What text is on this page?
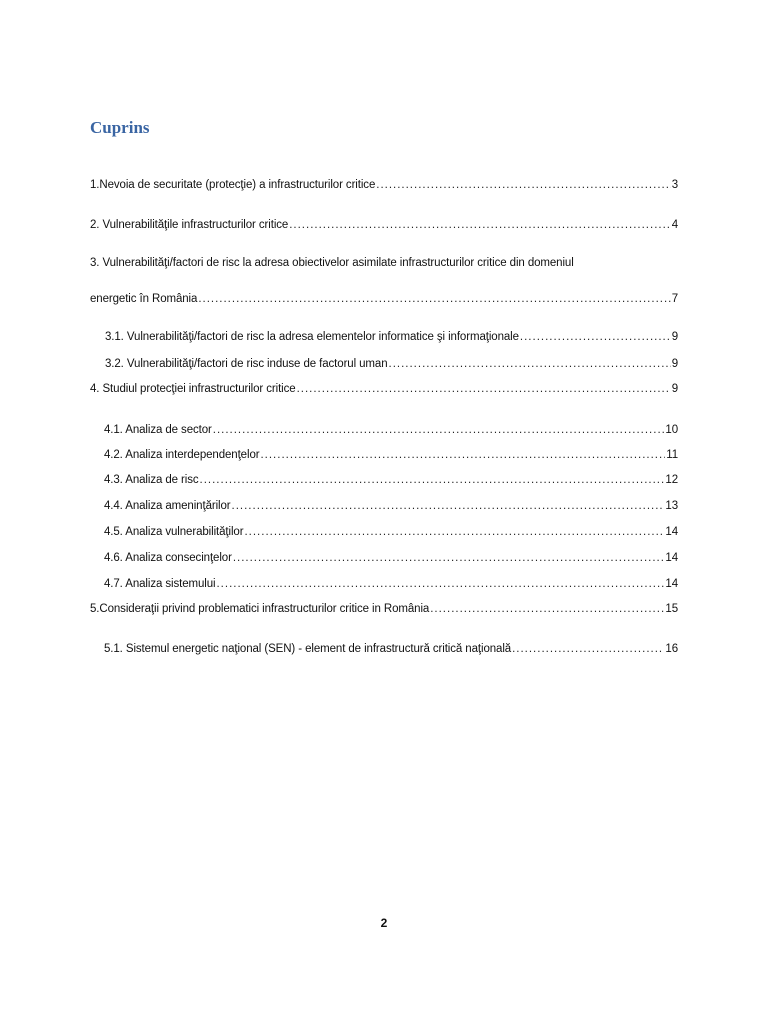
Cuprins
1.Nevoia de securitate (protecţie) a infrastructurilor critice .....	3
2. Vulnerabilităţile infrastructurilor critice .....	4
3. Vulnerabilităţi/factori de risc la adresa obiectivelor asimilate infrastructurilor critice din domeniul
energetic în România .....	7
3.1. Vulnerabilităţi/factori de risc la adresa elementelor informatice şi informaţionale .....	9
3.2. Vulnerabilităţi/factori de risc induse de factorul uman .....	9
4. Studiul protecţiei infrastructurilor critice .....	9
4.1. Analiza de sector .....	10
4.2. Analiza interdependenţelor .....	11
4.3. Analiza de risc .....	12
4.4. Analiza ameninţărilor .....	13
4.5. Analiza vulnerabilităţilor .....	14
4.6. Analiza consecinţelor .....	14
4.7. Analiza sistemului .....	14
5.Consideraţii privind problematici infrastructurilor critice in România .....	15
5.1. Sistemul energetic naţional (SEN) - element de infrastructură critică naţională .....	16

2
